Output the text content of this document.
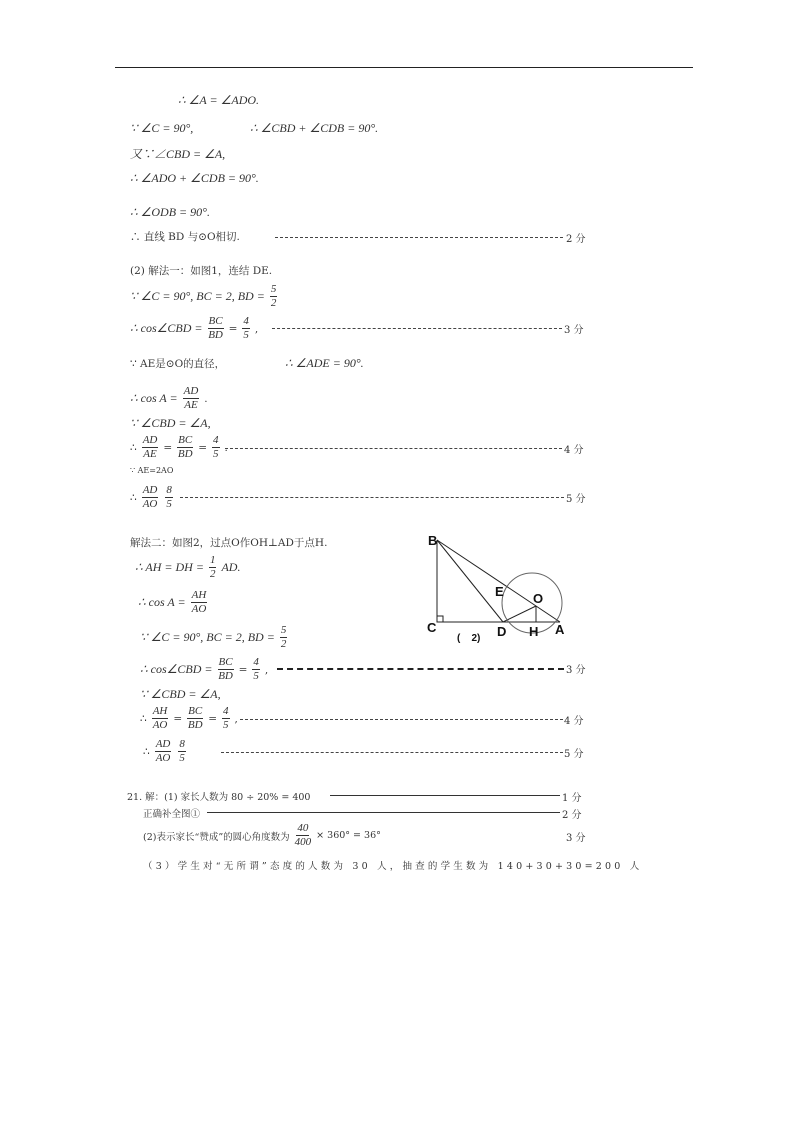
∴ ∠A = ∠ADO.
∵ ∠C = 90°,	∴ ∠CBD + ∠CDB = 90°.
又∵∠CBD = ∠A,
∴ ∠ADO + ∠CDB = 90°.
∴ ∠ODB = 90°.
∴ 直线 BD 与⊙O相切.	2 分
(2) 解法一：如图1，连结 DE.
∵ ∠C = 90°, BC = 2, BD = $\frac{5}{2}$
∴ cos∠CBD = $\frac{BC}{BD} = \frac{4}{5}$ ,	3 分
∵ AE是⊙O的直径，	∴ ∠ADE = 90°.
∴ $\cos A = \frac{AD}{AE}$ .
∵ ∠CBD = ∠A,
∴ $\frac{AD}{AE} = \frac{BC}{BD} = \frac{4}{5}$ .	4 分
∵ AE=2AO
∴ $\frac{AD}{AO} \frac{8}{5}$	5 分
解法二：如图2，过点O作OH⊥AD于点H.
∴ AH = DH = $\frac{1}{2}$ AD.
∴ $\cos A = \frac{AH}{AO}$
∵ ∠C = 90°, BC = 2, BD = $\frac{5}{2}$
∴ cos∠CBD = $\frac{BC}{BD} = \frac{4}{5}$ ,	3 分
∵ ∠CBD = ∠A,
∴ $\frac{AH}{AO} = \frac{BC}{BD} = \frac{4}{5}$ ,	4 分
∴ $\frac{AD}{AO} \frac{8}{5}$	5 分
B
C	D
E O
H A
(    2)
21. 解：(1) 家长人数为 80 ÷ 20% = 400	1 分
正确补全图①	2 分
(2)表示家长“赞成”的圆心角度数为 $\frac{40}{400} \times 360^\circ = 36^\circ$	3 分
（3）学生对“无所谓”态度的人数为 30 人，抽查的学生数为 140+30+30=200 人
